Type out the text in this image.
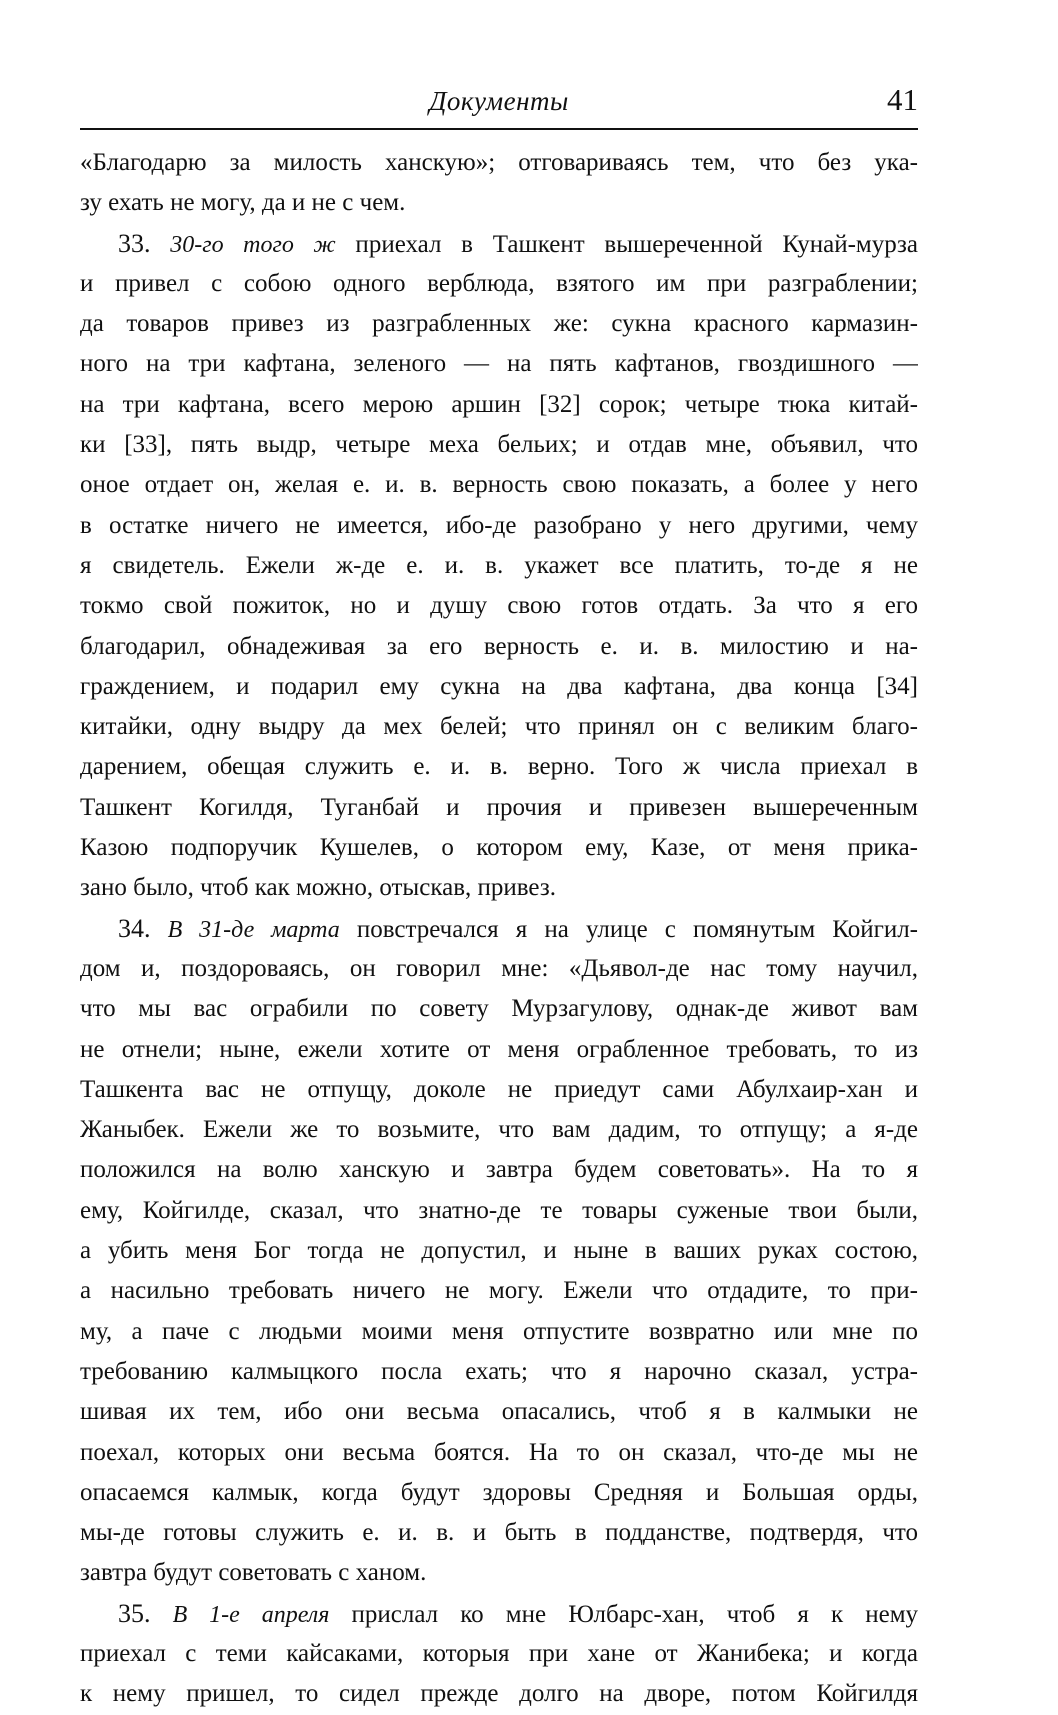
Документы	41
«Благодарю за милость ханскую»; отговариваясь тем, что без ука-
зу ехать не могу, да и не с чем.
33. 30-го того ж приехал в Ташкент вышереченной Кунай-мурза
и привел с собою одного верблюда, взятого им при разграблении;
да товаров привез из разграбленных же: сукна красного кармазин-
ного на три кафтана, зеленого — на пять кафтанов, гвоздишного —
на три кафтана, всего мерою аршин [32] сорок; четыре тюка китай-
ки [33], пять выдр, четыре меха бельих; и отдав мне, объявил, что
оное отдает он, желая е. и. в. верность свою показать, а более у него
в остатке ничего не имеется, ибо-де разобрано у него другими, чему
я свидетель. Ежели ж-де е. и. в. укажет все платить, то-де я не
токмо свой пожиток, но и душу свою готов отдать. За что я его
благодарил, обнадеживая за его верность е. и. в. милостию и на-
граждением, и подарил ему сукна на два кафтана, два конца [34]
китайки, одну выдру да мех белей; что принял он с великим благо-
дарением, обещая служить е. и. в. верно. Того ж числа приехал в
Ташкент Когилдя, Туганбай и прочия и привезен вышереченным
Казою подпоручик Кушелев, о котором ему, Казе, от меня прика-
зано было, чтоб как можно, отыскав, привез.
34. В 31-де марта повстречался я на улице с помянутым Койгил-
дом и, поздороваясь, он говорил мне: «Дьявол-де нас тому научил,
что мы вас ограбили по совету Мурзагулову, однак-де живот вам
не отнели; ныне, ежели хотите от меня ограбленное требовать, то из
Ташкента вас не отпущу, доколе не приедут сами Абулхаир-хан и
Жаныбек. Ежели же то возьмите, что вам дадим, то отпущу; а я-де
положился на волю ханскую и завтра будем советовать». На то я
ему, Койгилде, сказал, что знатно-де те товары суженые твои были,
а убить меня Бог тогда не допустил, и ныне в ваших руках состою,
а насильно требовать ничего не могу. Ежели что отдадите, то при-
му, а паче с людьми моими меня отпустите возвратно или мне по
требованию калмыцкого посла ехать; что я нарочно сказал, устра-
шивая их тем, ибо они весьма опасались, чтоб я в калмыки не
поехал, которых они весьма боятся. На то он сказал, что-де мы не
опасаемся калмык, когда будут здоровы Средняя и Большая орды,
мы-де готовы служить е. и. в. и быть в подданстве, подтвердя, что
завтра будут советовать с ханом.
35. В 1-е апреля прислал ко мне Юлбарс-хан, чтоб я к нему
приехал с теми кайсаками, которыя при хане от Жанибека; и когда
к нему пришел, то сидел прежде долго на дворе, потом Койгилдя
